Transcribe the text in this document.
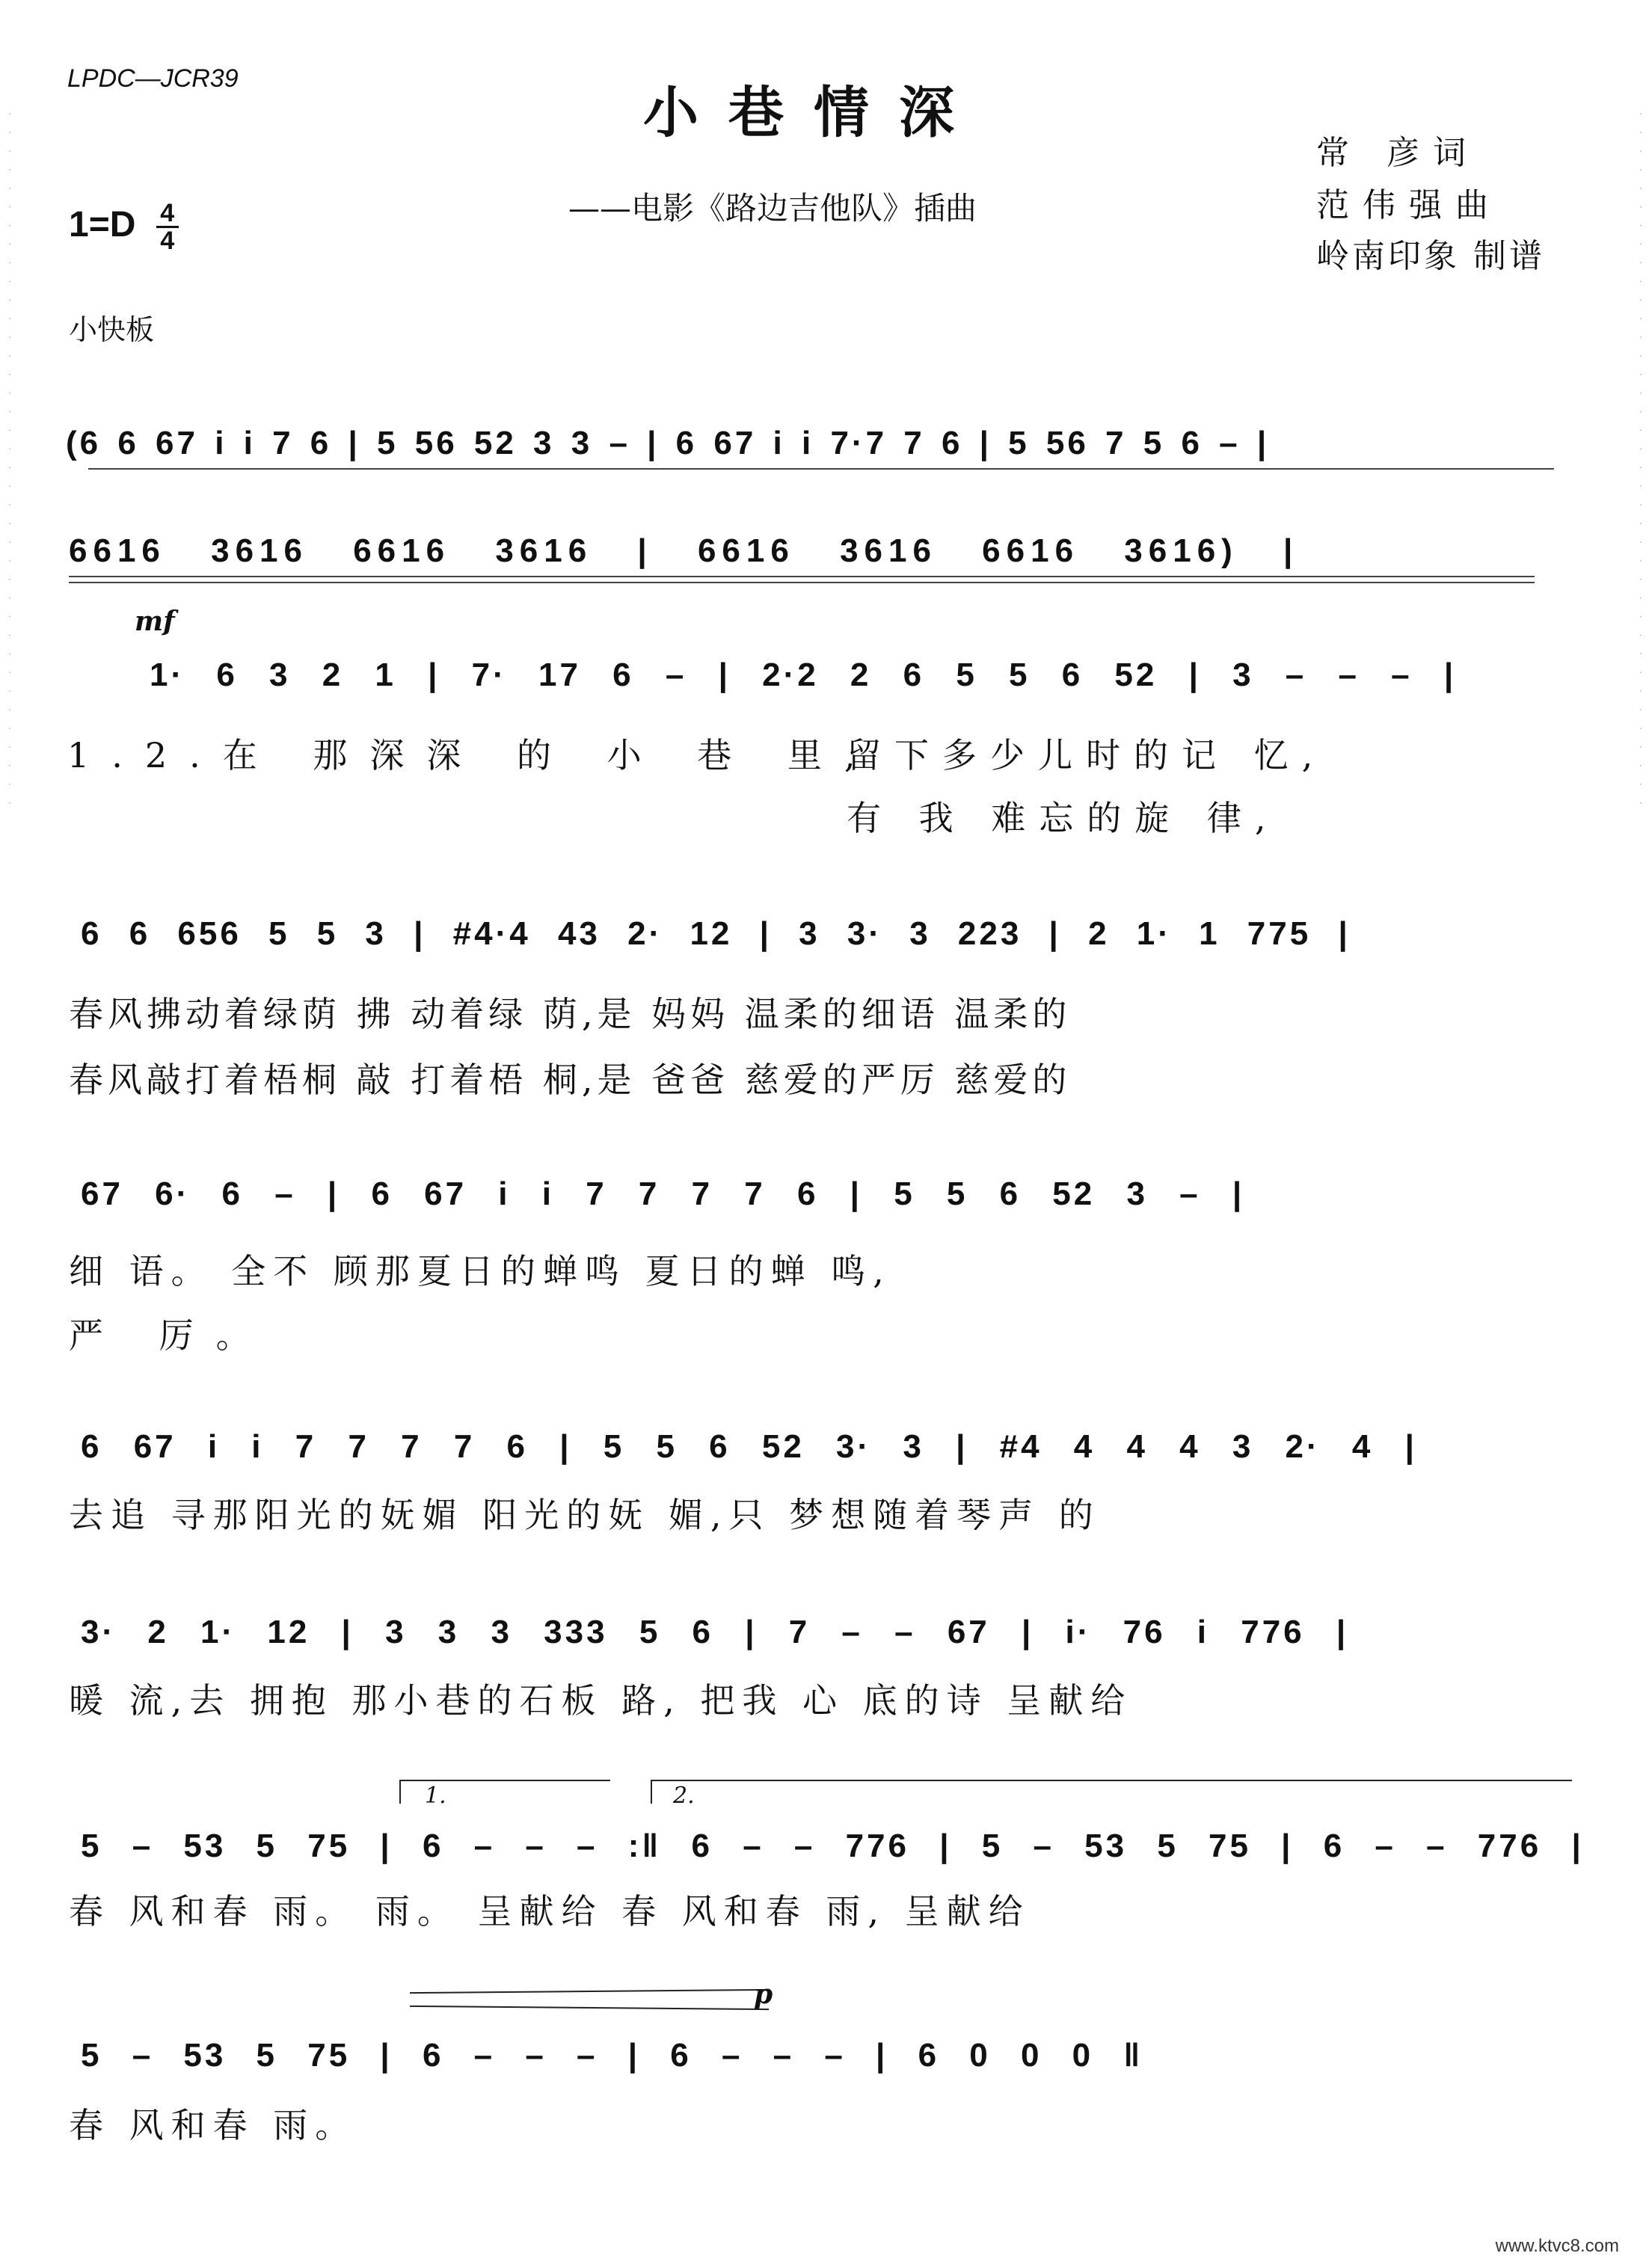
· · · · · · · · · · · · · · · · · · · · · · · · · · · · · · · · · · · · · ·	· · · · · · · · · · · · · · · · · · · · · · · · · · · · · · · · · · · · · ·
LPDC—JCR39
小巷情深
——电影《路边吉他队》插曲
常 彦词
范伟强曲
岭南印象 制谱
$1=D \frac{4}{4}$
小快板
(6 6 67 i i 7 6 | 5 56 52 3 3 – | 6 67 i i 7·7 7 6 | 5 56 7 5 6 – |
6616 3616 6616 3616 | 6616 3616 6616 3616) |
mf
1· 6 3 2 1 | 7· 17 6 – | 2·2 2 6 5 5 6 52 | 3 – – – |
1.2.在 那深深 的 小 巷 里,
留下多少儿时的记 忆,
有 我 难忘的旋 律,
6 6 656 5 5 3 | #4·4 43 2· 12 | 3 3· 3 223 | 2 1· 1 775 |
春风拂动着绿荫 拂 动着绿 荫,是 妈妈 温柔的细语 温柔的
春风敲打着梧桐 敲 打着梧 桐,是 爸爸 慈爱的严厉 慈爱的
67 6· 6 – | 6 67 i i 7 7 7 7 6 | 5 5 6 52 3 – |
细 语。 全不 顾那夏日的蝉鸣 夏日的蝉 鸣,
严 厉。
6 67 i i 7 7 7 7 6 | 5 5 6 52 3· 3 | #4 4 4 4 3 2· 4 |
去追 寻那阳光的妩媚 阳光的妩 媚,只 梦想随着琴声 的
3· 2 1· 12 | 3 3 3 333 5 6 | 7 – – 67 | i· 76 i 776 |
暖 流,去 拥抱 那小巷的石板 路, 把我 心 底的诗 呈献给
1.	2.
5 – 53 5 75 | 6 – – – :‖ 6 – – 776 | 5 – 53 5 75 | 6 – – 776 |
春 风和春 雨。 雨。 呈献给 春 风和春 雨, 呈献给
p
5 – 53 5 75 | 6 – – – | 6 – – – | 6 0 0 0 ‖
春 风和春 雨。
www.ktvc8.com
